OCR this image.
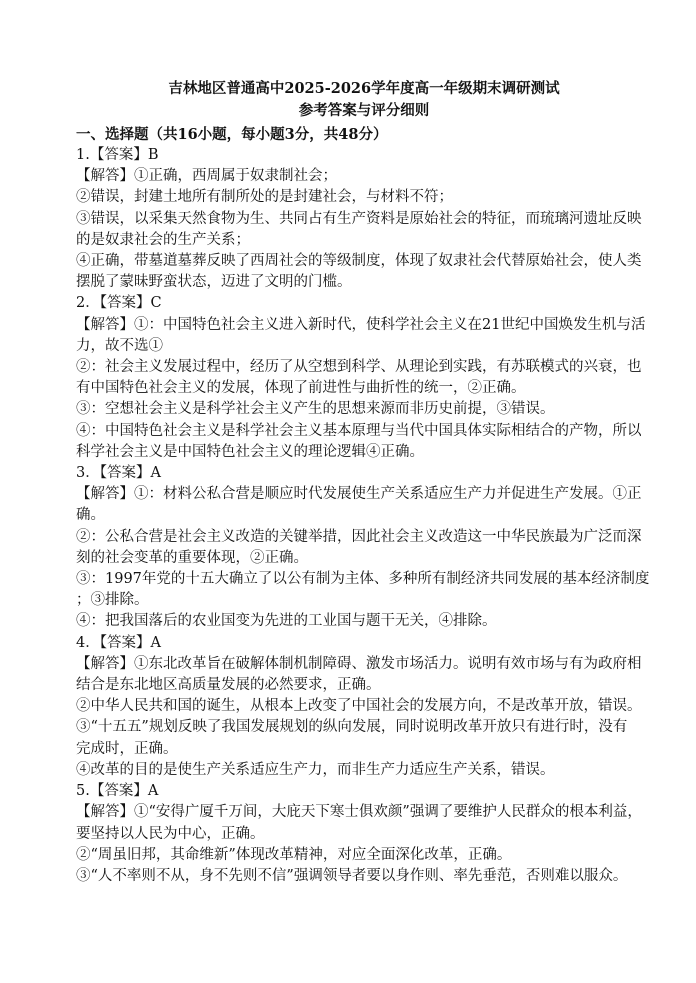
吉林地区普通高中2025-2026学年度高一年级期末调研测试

参考答案与评分细则

一、选择题（共16小题，每小题3分，共48分）

1.【答案】B

【解答】①正确，西周属于奴隶制社会；

②错误，封建土地所有制所处的是封建社会，与材料不符；

③错误，以采集天然食物为生、共同占有生产资料是原始社会的特征，而琉璃河遗址反映

的是奴隶社会的生产关系；

④正确，带墓道墓葬反映了西周社会的等级制度，体现了奴隶社会代替原始社会，使人类

摆脱了蒙昧野蛮状态，迈进了文明的门槛。

2．【答案】C

【解答】①：中国特色社会主义进入新时代，使科学社会主义在21世纪中国焕发生机与活

力，故不选①

②：社会主义发展过程中，经历了从空想到科学、从理论到实践，有苏联模式的兴衰，也

有中国特色社会主义的发展，体现了前进性与曲折性的统一，②正确。

③：空想社会主义是科学社会主义产生的思想来源而非历史前提，③错误。

④：中国特色社会主义是科学社会主义基本原理与当代中国具体实际相结合的产物，所以

科学社会主义是中国特色社会主义的理论逻辑④正确。

3．【答案】A

【解答】①：材料公私合营是顺应时代发展使生产关系适应生产力并促进生产发展。①正

确。

②：公私合营是社会主义改造的关键举措，因此社会主义改造这一中华民族最为广泛而深

刻的社会变革的重要体现，②正确。

③：1997年党的十五大确立了以公有制为主体、多种所有制经济共同发展的基本经济制度

；③排除。

④：把我国落后的农业国变为先进的工业国与题干无关，④排除。

4．【答案】A

【解答】①东北改革旨在破解体制机制障碍、激发市场活力。说明有效市场与有为政府相

结合是东北地区高质量发展的必然要求，正确。

②中华人民共和国的诞生，从根本上改变了中国社会的发展方向，不是改革开放，错误。

③“十五五”规划反映了我国发展规划的纵向发展，同时说明改革开放只有进行时，没有

完成时，正确。

④改革的目的是使生产关系适应生产力，而非生产力适应生产关系，错误。

5.【答案】A

【解答】①“安得广厦千万间，大庇天下寒士俱欢颜”强调了要维护人民群众的根本利益，

要坚持以人民为中心，正确。

②“周虽旧邦，其命维新”体现改革精神，对应全面深化改革，正确。

③“人不率则不从，身不先则不信”强调领导者要以身作则、率先垂范，否则难以服众。
